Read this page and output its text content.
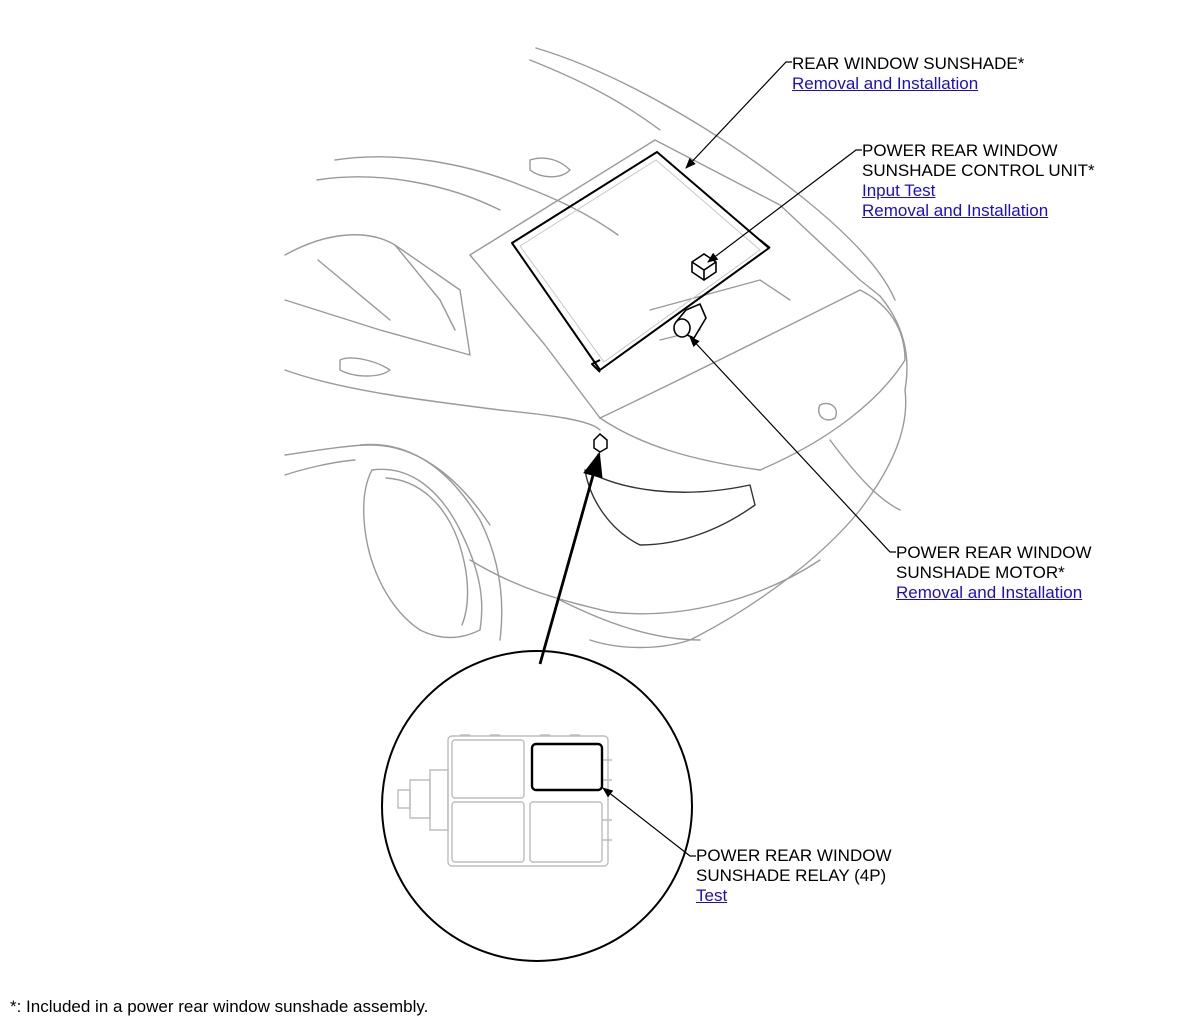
REAR WINDOW SUNSHADE*
Removal and Installation
POWER REAR WINDOW
SUNSHADE CONTROL UNIT*
Input Test
Removal and Installation
POWER REAR WINDOW
SUNSHADE MOTOR*
Removal and Installation
POWER REAR WINDOW
SUNSHADE RELAY (4P)
Test
*: Included in a power rear window sunshade assembly.
